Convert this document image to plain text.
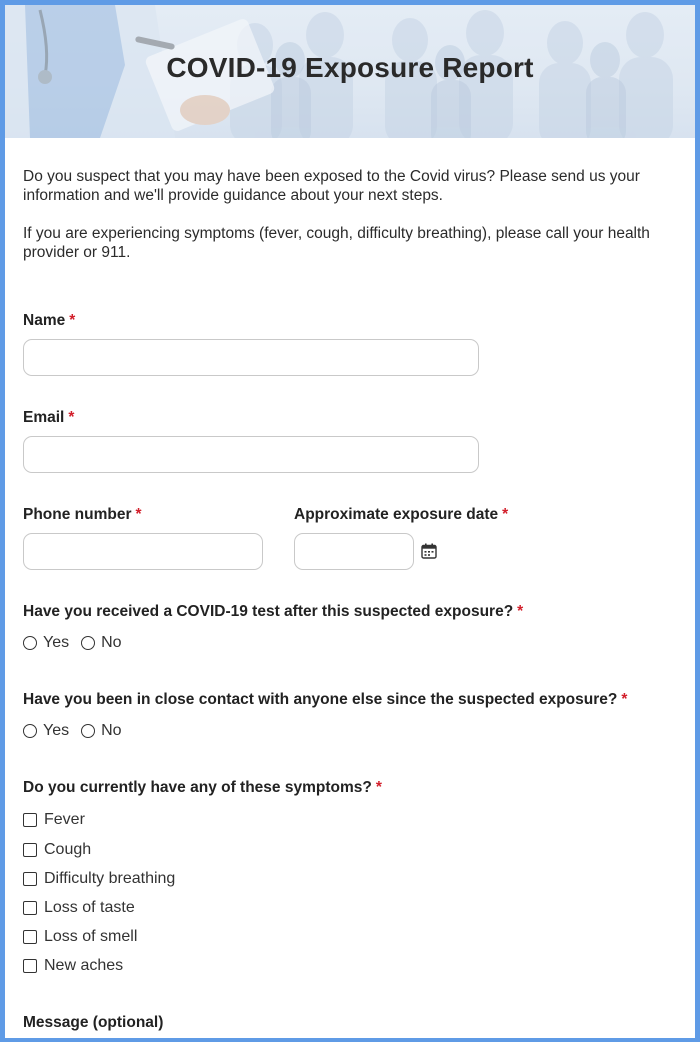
COVID-19 Exposure Report

Do you suspect that you may have been exposed to the Covid virus? Please send us your information and we'll provide guidance about your next steps.

If you are experiencing symptoms (fever, cough, difficulty breathing), please call your health provider or 911.

Name *
Email *
Phone number *	Approximate exposure date *
Have you received a COVID-19 test after this suspected exposure? *
Yes No
Have you been in close contact with anyone else since the suspected exposure? *
Yes No
Do you currently have any of these symptoms? *
Fever
Cough
Difficulty breathing
Loss of taste
Loss of smell
New aches
Message (optional)
